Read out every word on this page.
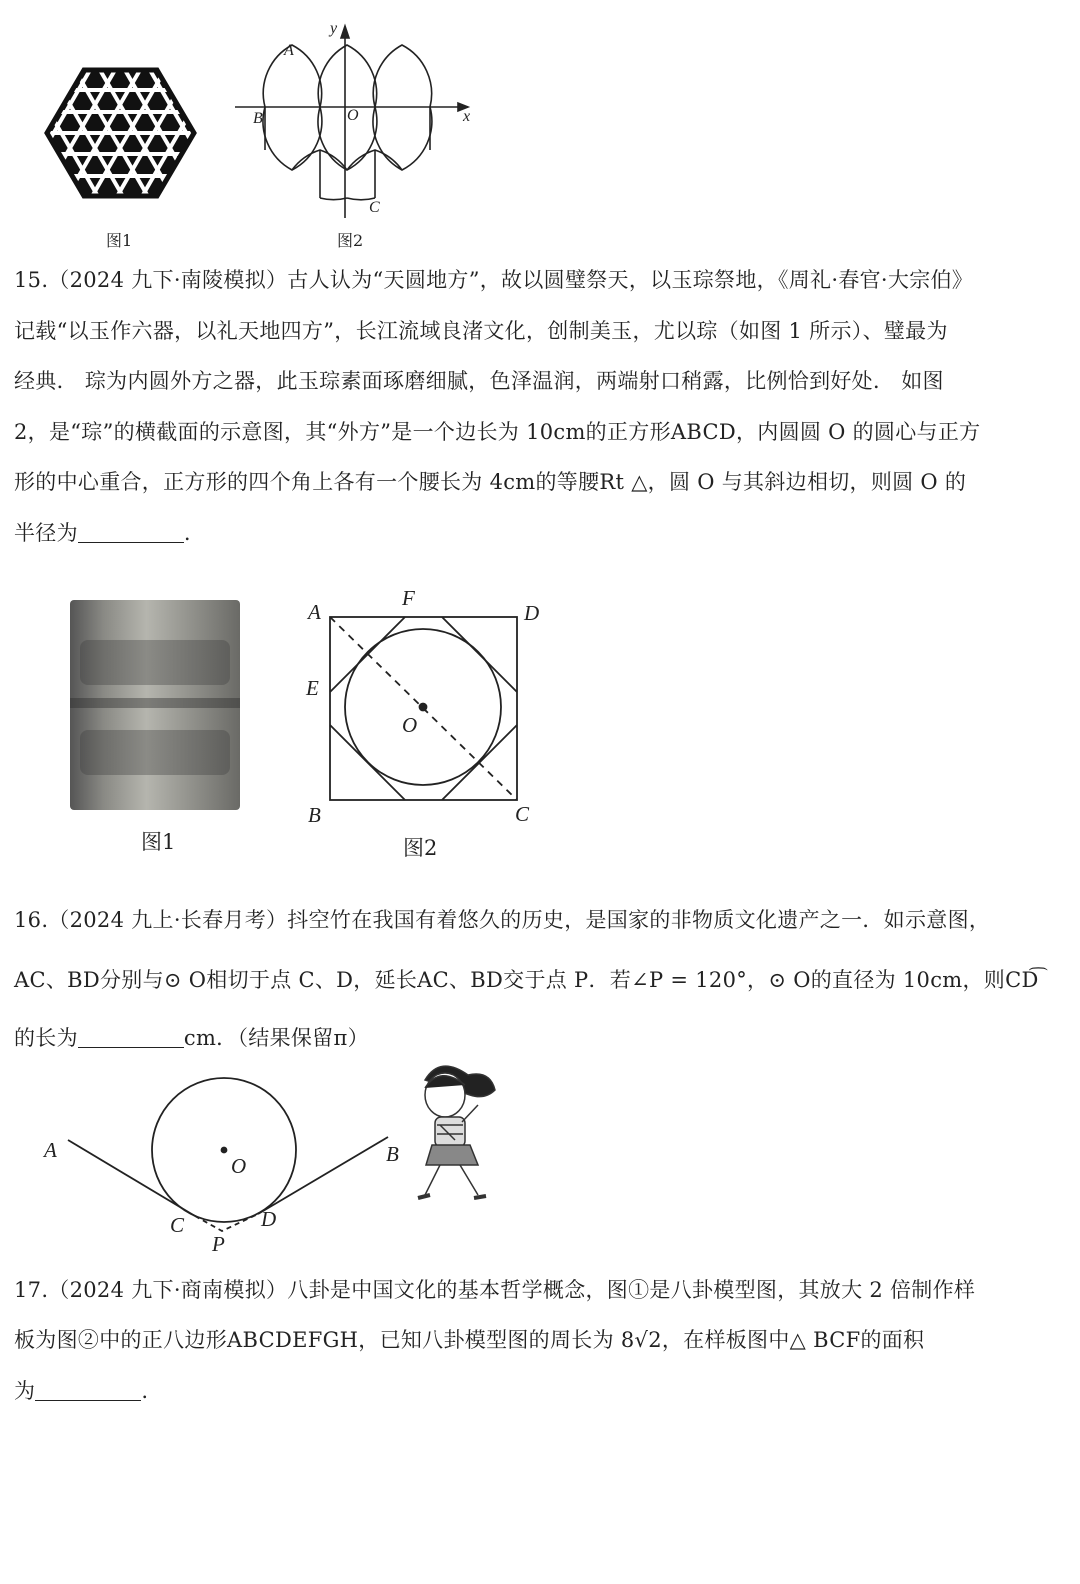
y
x
A
B	O
C
图1	图2
15.（2024 九下·南陵模拟）古人认为“天圆地方”，故以圆璧祭天，以玉琮祭地，《周礼·春官·大宗伯》
记载“以玉作六器，以礼天地四方”，长江流域良渚文化，创制美玉，尤以琮（如图 1 所示）、璧最为
经典． 琮为内圆外方之器，此玉琮素面琢磨细腻，色泽温润，两端射口稍露，比例恰到好处． 如图
2，是“琮”的横截面的示意图，其“外方”是一个边长为 10cm的正方形ABCD，内圆圆 O 的圆心与正方
形的中心重合，正方形的四个角上各有一个腰长为 4cm的等腰Rt △，圆 O 与其斜边相切，则圆 O 的
半径为	.
图1
A
F
D
E
O
B	C
图2
16.（2024 九上·长春月考）抖空竹在我国有着悠久的历史，是国家的非物质文化遗产之一．如示意图，
AC、BD分别与⊙ O相切于点 C、D，延长AC、BD交于点 P．若∠P = 120°，⊙ O的直径为 10cm，则CD͡
的长为	cm．（结果保留π）
A	B
O
C	D
P
17.（2024 九下·商南模拟）八卦是中国文化的基本哲学概念，图①是八卦模型图，其放大 2 倍制作样
板为图②中的正八边形ABCDEFGH，已知八卦模型图的周长为 8√2，在样板图中△ BCF的面积
为	.
